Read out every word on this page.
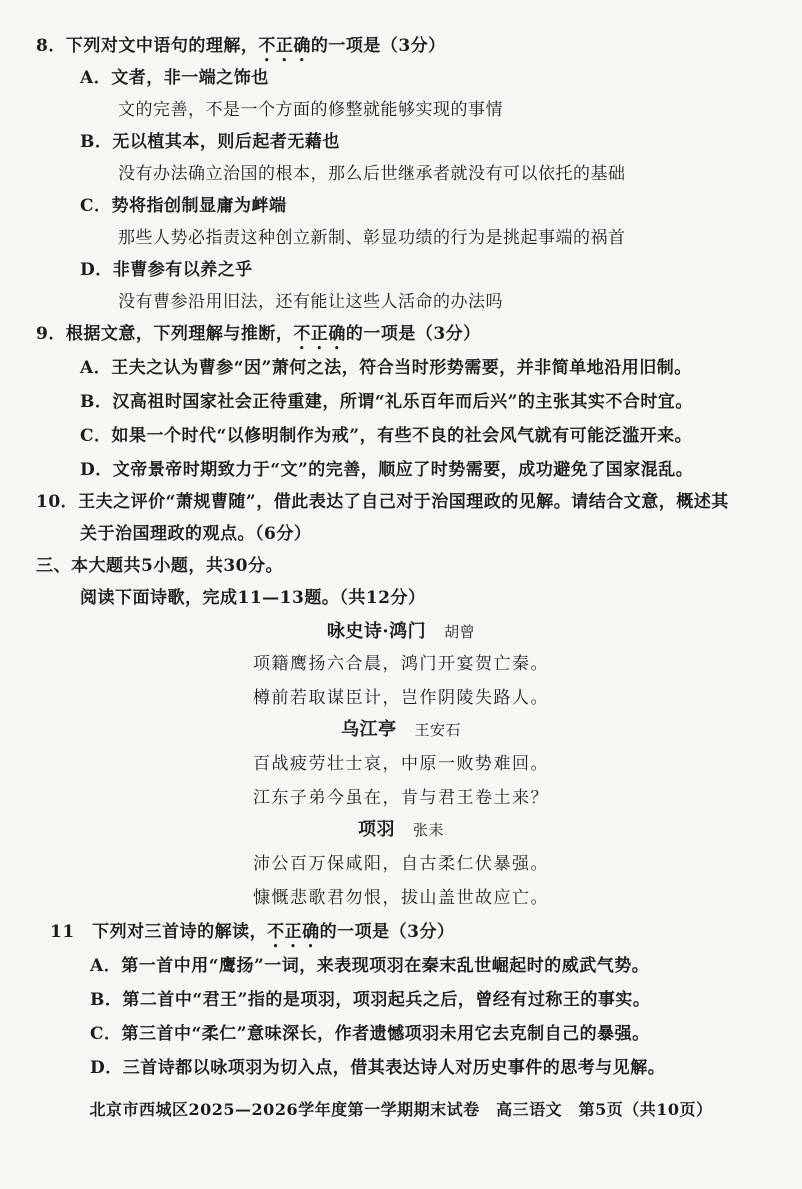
8．下列对文中语句的理解，不正确的一项是（3分）
A．文者，非一端之饰也
文的完善，不是一个方面的修整就能够实现的事情
B．无以植其本，则后起者无藉也
没有办法确立治国的根本，那么后世继承者就没有可以依托的基础
C．势将指创制显庸为衅端
那些人势必指责这种创立新制、彰显功绩的行为是挑起事端的祸首
D．非曹参有以养之乎
没有曹参沿用旧法，还有能让这些人活命的办法吗
9．根据文意，下列理解与推断，不正确的一项是（3分）
A．王夫之认为曹参“因”萧何之法，符合当时形势需要，并非简单地沿用旧制。
B．汉高祖时国家社会正待重建，所谓“礼乐百年而后兴”的主张其实不合时宜。
C．如果一个时代“以修明制作为戒”，有些不良的社会风气就有可能泛滥开来。
D．文帝景帝时期致力于“文”的完善，顺应了时势需要，成功避免了国家混乱。
10．王夫之评价“萧规曹随”，借此表达了自己对于治国理政的见解。请结合文意，概述其
关于治国理政的观点。（6分）
三、本大题共5小题，共30分。
阅读下面诗歌，完成11—13题。（共12分）
咏史诗·鸿门 胡曾
项籍鹰扬六合晨，鸿门开宴贺亡秦。
樽前若取谋臣计，岂作阴陵失路人。
乌江亭 王安石
百战疲劳壮士哀，中原一败势难回。
江东子弟今虽在，肯与君王卷土来？
项羽 张耒
沛公百万保咸阳，自古柔仁伏暴强。
慷慨悲歌君勿恨，拔山盖世故应亡。
11　下列对三首诗的解读，不正确的一项是（3分）
A．第一首中用“鹰扬”一词，来表现项羽在秦末乱世崛起时的威武气势。
B．第二首中“君王”指的是项羽，项羽起兵之后，曾经有过称王的事实。
C．第三首中“柔仁”意味深长，作者遗憾项羽未用它去克制自己的暴强。
D．三首诗都以咏项羽为切入点，借其表达诗人对历史事件的思考与见解。
北京市西城区2025—2026学年度第一学期期末试卷　高三语文　第5页（共10页）
